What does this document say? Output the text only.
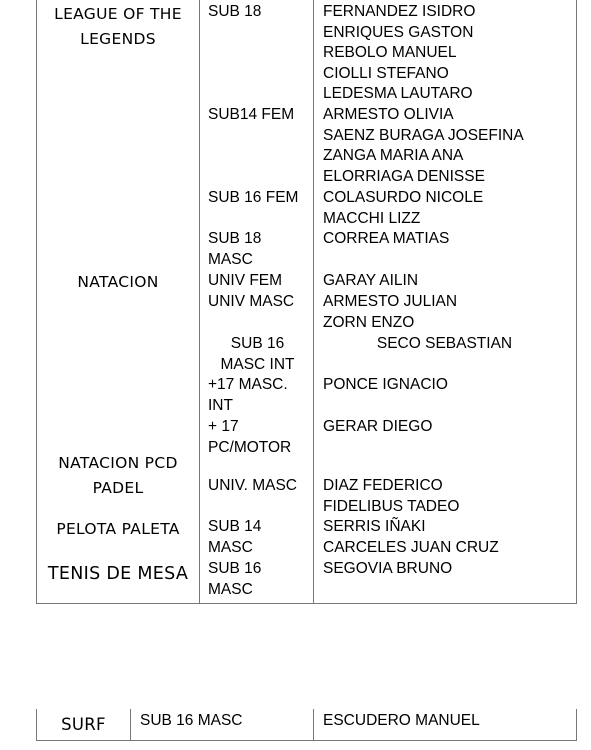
LEAGUE OF THE LEGENDS
NATACION
NATACION PCD
PADEL
PELOTA PALETA
TENIS DE MESA
SUB 18
SUB14 FEM
SUB 16 FEM
SUB 18 MASC
UNIV FEM
UNIV MASC
SUB 16 MASC INT
+17 MASC. INT
+ 17 PC/MOTOR
UNIV. MASC
SUB 14 MASC
SUB 16 MASC
FERNANDEZ ISIDRO
ENRIQUES GASTON
REBOLO MANUEL
CIOLLI STEFANO
LEDESMA LAUTARO
ARMESTO OLIVIA
SAENZ BURAGA JOSEFINA
ZANGA MARIA ANA
ELORRIAGA DENISSE
COLASURDO NICOLE
MACCHI LIZZ
CORREA MATIAS
GARAY AILIN
ARMESTO JULIAN
ZORN ENZO
SECO SEBASTIAN
PONCE IGNACIO
GERAR DIEGO
DIAZ FEDERICO
FIDELIBUS TADEO
SERRIS IÑAKI
CARCELES JUAN CRUZ
SEGOVIA BRUNO
SURF	SUB 16 MASC	ESCUDERO MANUEL
